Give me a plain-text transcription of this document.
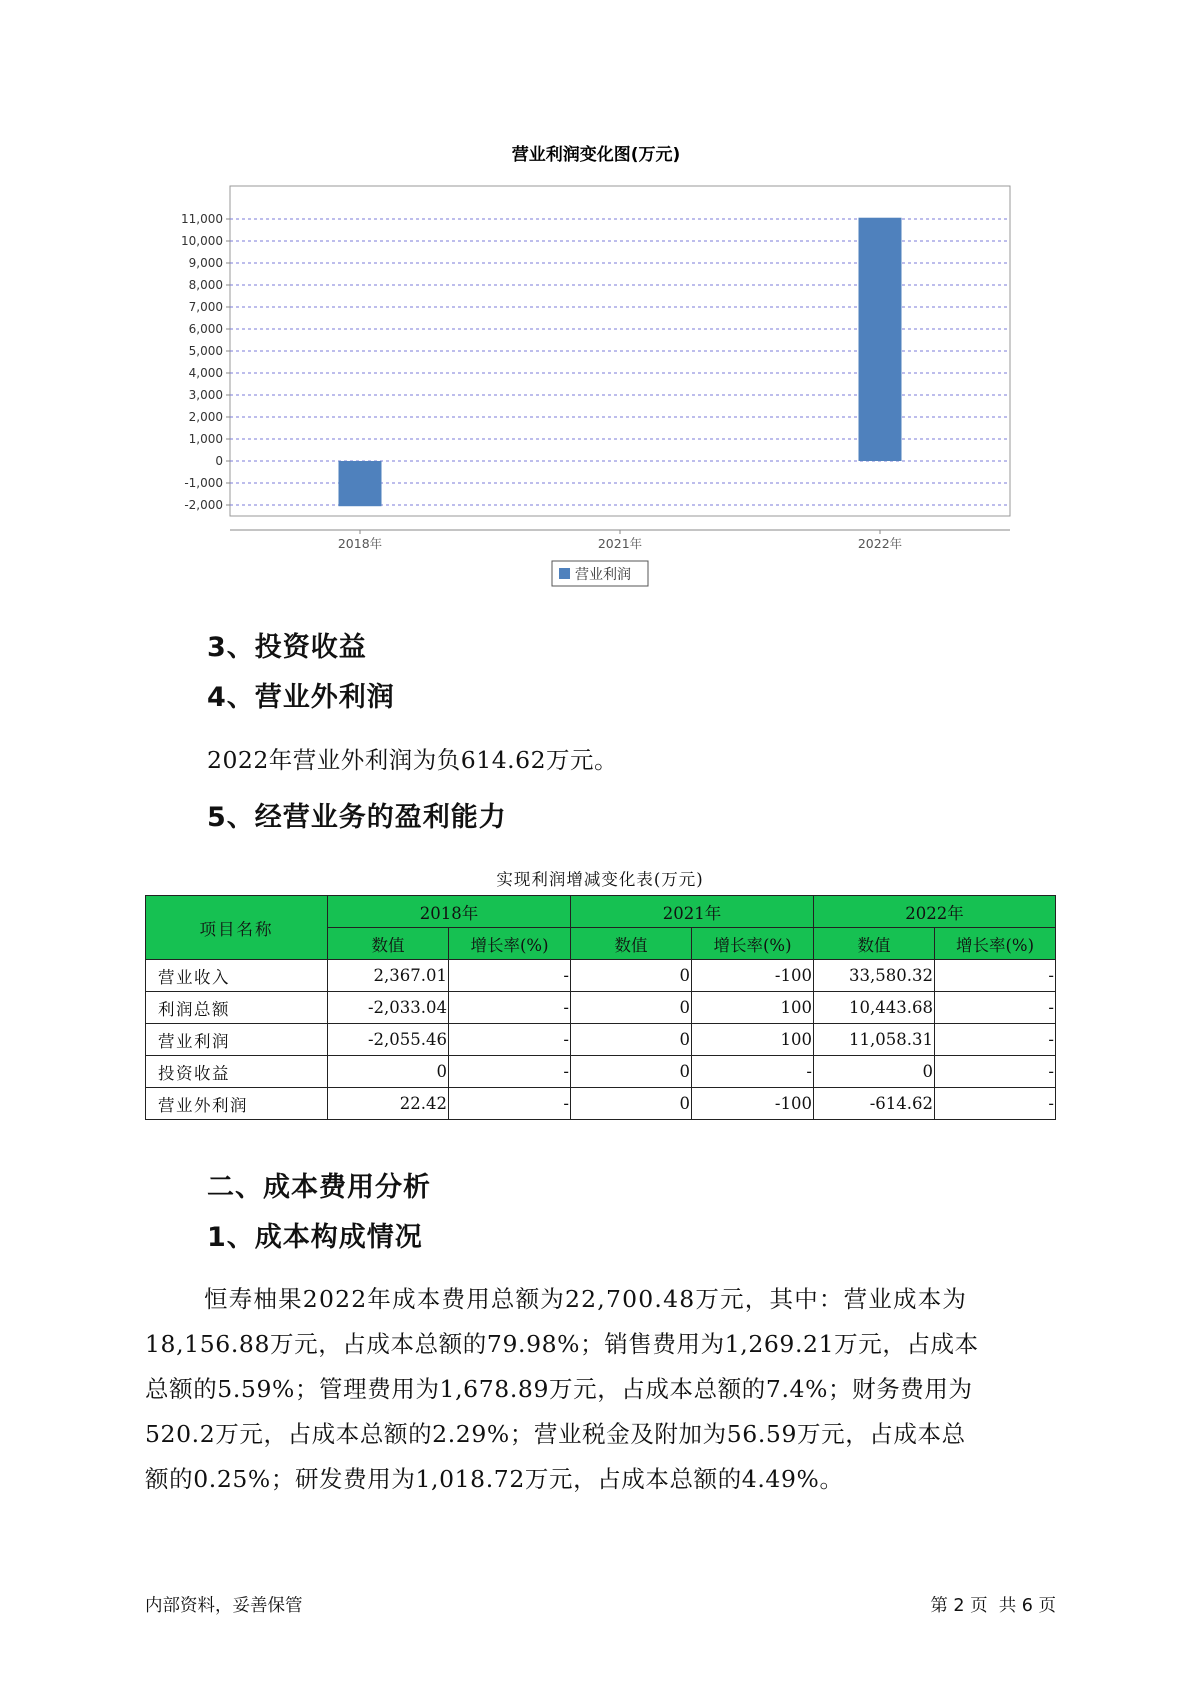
营业利润变化图(万元)
11,000
10,000
9,000
8,000
7,000
6,000
5,000
4,000
3,000
2,000
1,000
0
-1,000
-2,000
2018年	2021年	2022年
营业利润
3、投资收益
4、营业外利润
2022年营业外利润为负614.62万元。
5、经营业务的盈利能力
实现利润增减变化表(万元)
项目名称	2018年		2021年		2022年	
	数值	增长率(%)	数值	增长率(%)	数值	增长率(%)
营业收入	2,367.01	-	0	-100	33,580.32	-
利润总额	-2,033.04	-	0	100	10,443.68	-
营业利润	-2,055.46	-	0	100	11,058.31	-
投资收益	0	-	0	-	0	-
营业外利润	22.42	-	0	-100	-614.62	-
二、成本费用分析
1、成本构成情况
恒寿柚果2022年成本费用总额为22,700.48万元，其中：营业成本为
18,156.88万元，占成本总额的79.98%；销售费用为1,269.21万元，占成本
总额的5.59%；管理费用为1,678.89万元，占成本总额的7.4%；财务费用为
520.2万元，占成本总额的2.29%；营业税金及附加为56.59万元，占成本总
额的0.25%；研发费用为1,018.72万元，占成本总额的4.49%。
内部资料，妥善保管	第 2 页  共 6 页
